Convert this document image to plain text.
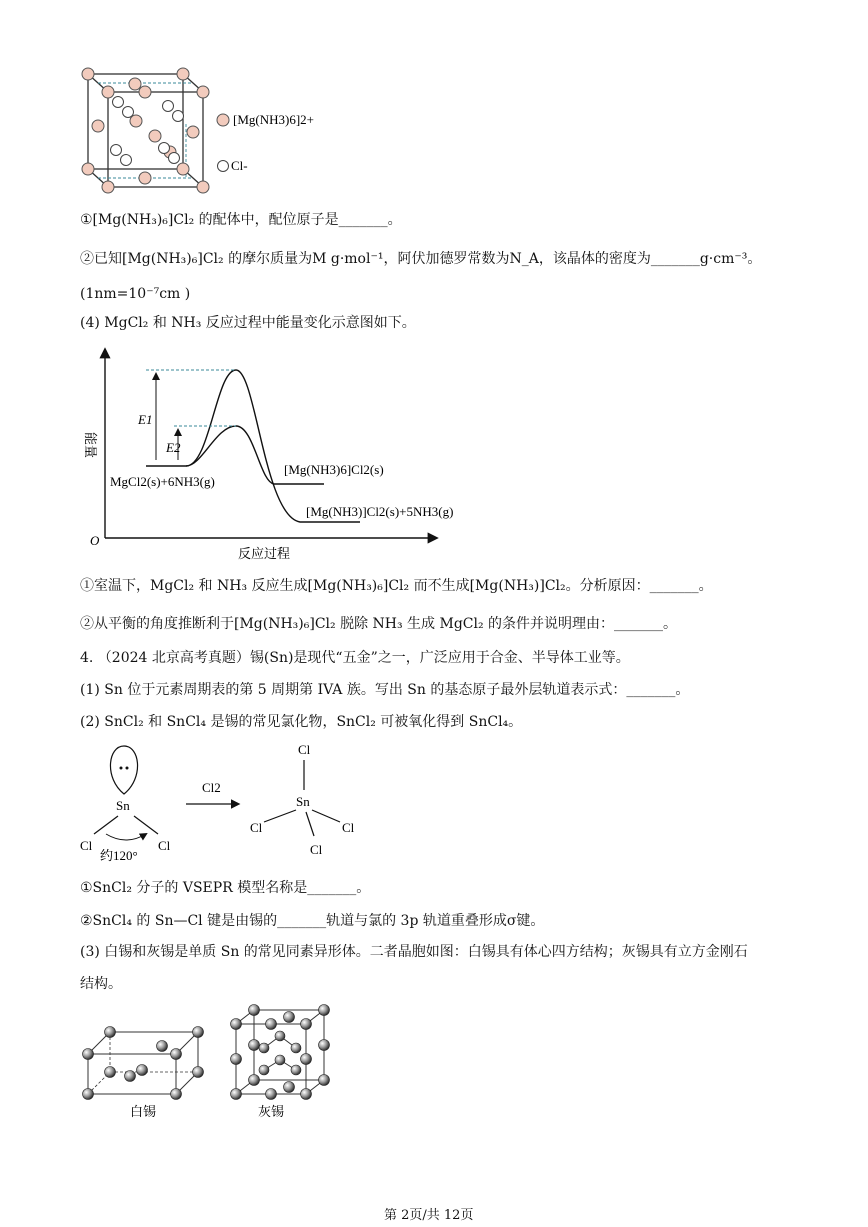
[Mg(NH3)6]2+
Cl-
①[Mg(NH₃)₆]Cl₂ 的配体中，配位原子是_______。
②已知[Mg(NH₃)₆]Cl₂ 的摩尔质量为M g·mol⁻¹，阿伏加德罗常数为N_A，该晶体的密度为_______g·cm⁻³。
(1nm=10⁻⁷cm )
(4) MgCl₂ 和 NH₃ 反应过程中能量变化示意图如下。
O
能量
反应过程
E1
E2
MgCl2(s)+6NH3(g)
[Mg(NH3)6]Cl2(s)
[Mg(NH3)]Cl2(s)+5NH3(g)
①室温下，MgCl₂ 和 NH₃ 反应生成[Mg(NH₃)₆]Cl₂ 而不生成[Mg(NH₃)]Cl₂。分析原因：_______。
②从平衡的角度推断利于[Mg(NH₃)₆]Cl₂ 脱除 NH₃ 生成 MgCl₂ 的条件并说明理由：_______。
4. （2024 北京高考真题）锡(Sn)是现代“五金”之一，广泛应用于合金、半导体工业等。
(1) Sn 位于元素周期表的第 5 周期第 IVA 族。写出 Sn 的基态原子最外层轨道表示式：_______。
(2) SnCl₂ 和 SnCl₄ 是锡的常见氯化物，SnCl₂ 可被氧化得到 SnCl₄。
Sn
Cl	Cl
约120°
Cl2
Cl
Sn
Cl	Cl
Cl
①SnCl₂ 分子的 VSEPR 模型名称是_______。
②SnCl₄ 的 Sn—Cl 键是由锡的_______轨道与氯的 3p 轨道重叠形成σ键。
(3) 白锡和灰锡是单质 Sn 的常见同素异形体。二者晶胞如图：白锡具有体心四方结构；灰锡具有立方金刚石
结构。
白锡	灰锡
第 2页/共 12页
